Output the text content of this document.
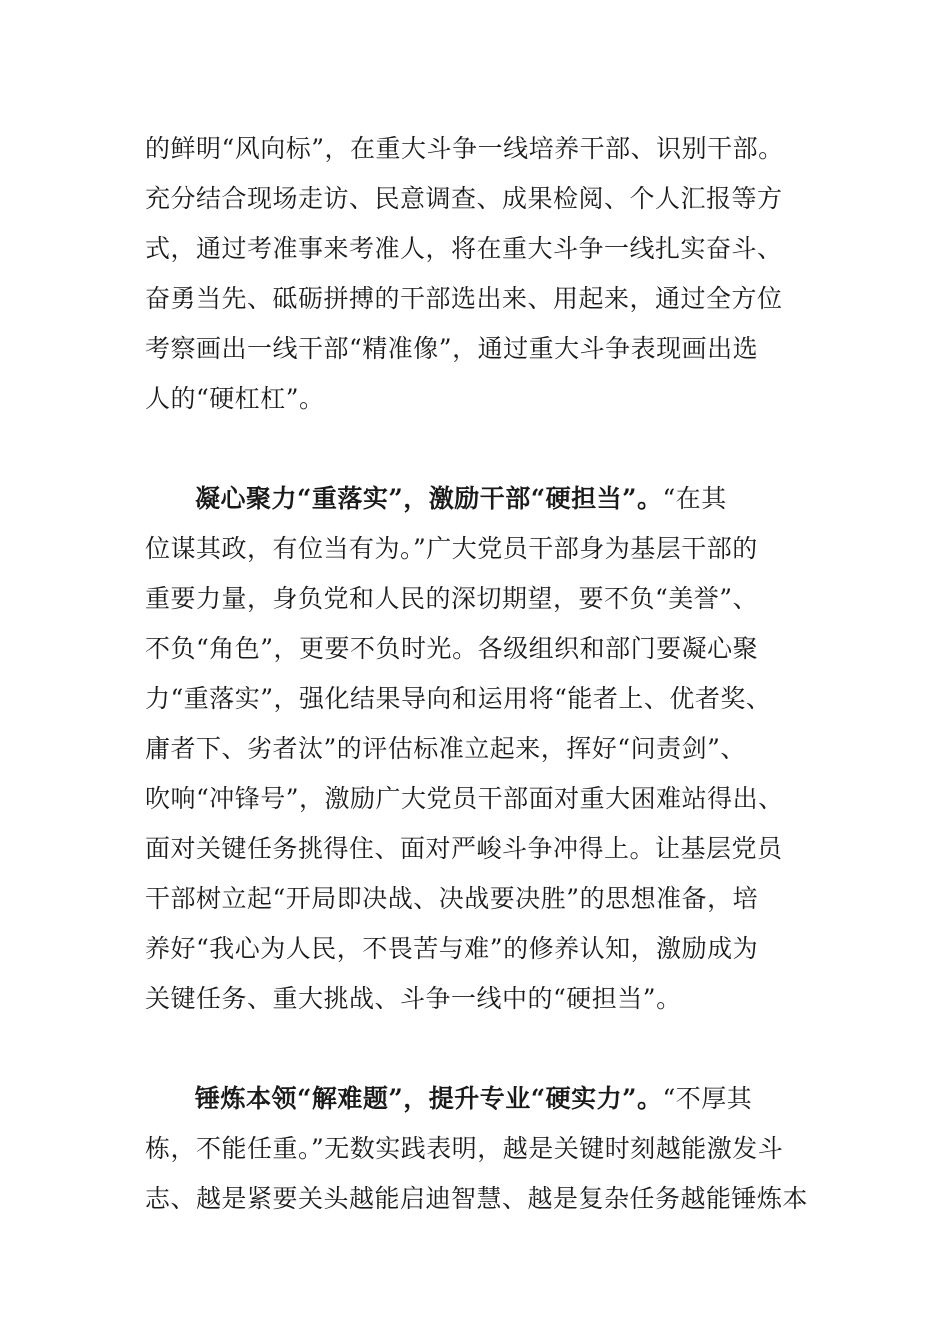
的鲜明“风向标”，在重大斗争一线培养干部、识别干部。
充分结合现场走访、民意调查、成果检阅、个人汇报等方
式，通过考准事来考准人，将在重大斗争一线扎实奋斗、
奋勇当先、砥砺拼搏的干部选出来、用起来，通过全方位
考察画出一线干部“精准像”，通过重大斗争表现画出选
人的“硬杠杠”。
凝心聚力“重落实”，激励干部“硬担当”。“在其
位谋其政，有位当有为。”广大党员干部身为基层干部的
重要力量，身负党和人民的深切期望，要不负“美誉”、
不负“角色”，更要不负时光。各级组织和部门要凝心聚
力“重落实”，强化结果导向和运用将“能者上、优者奖、
庸者下、劣者汰”的评估标准立起来，挥好“问责剑”、
吹响“冲锋号”，激励广大党员干部面对重大困难站得出、
面对关键任务挑得住、面对严峻斗争冲得上。让基层党员
干部树立起“开局即决战、决战要决胜”的思想准备，培
养好“我心为人民，不畏苦与难”的修养认知，激励成为
关键任务、重大挑战、斗争一线中的“硬担当”。
锤炼本领“解难题”，提升专业“硬实力”。“不厚其
栋，不能任重。”无数实践表明，越是关键时刻越能激发斗
志、越是紧要关头越能启迪智慧、越是复杂任务越能锤炼本
